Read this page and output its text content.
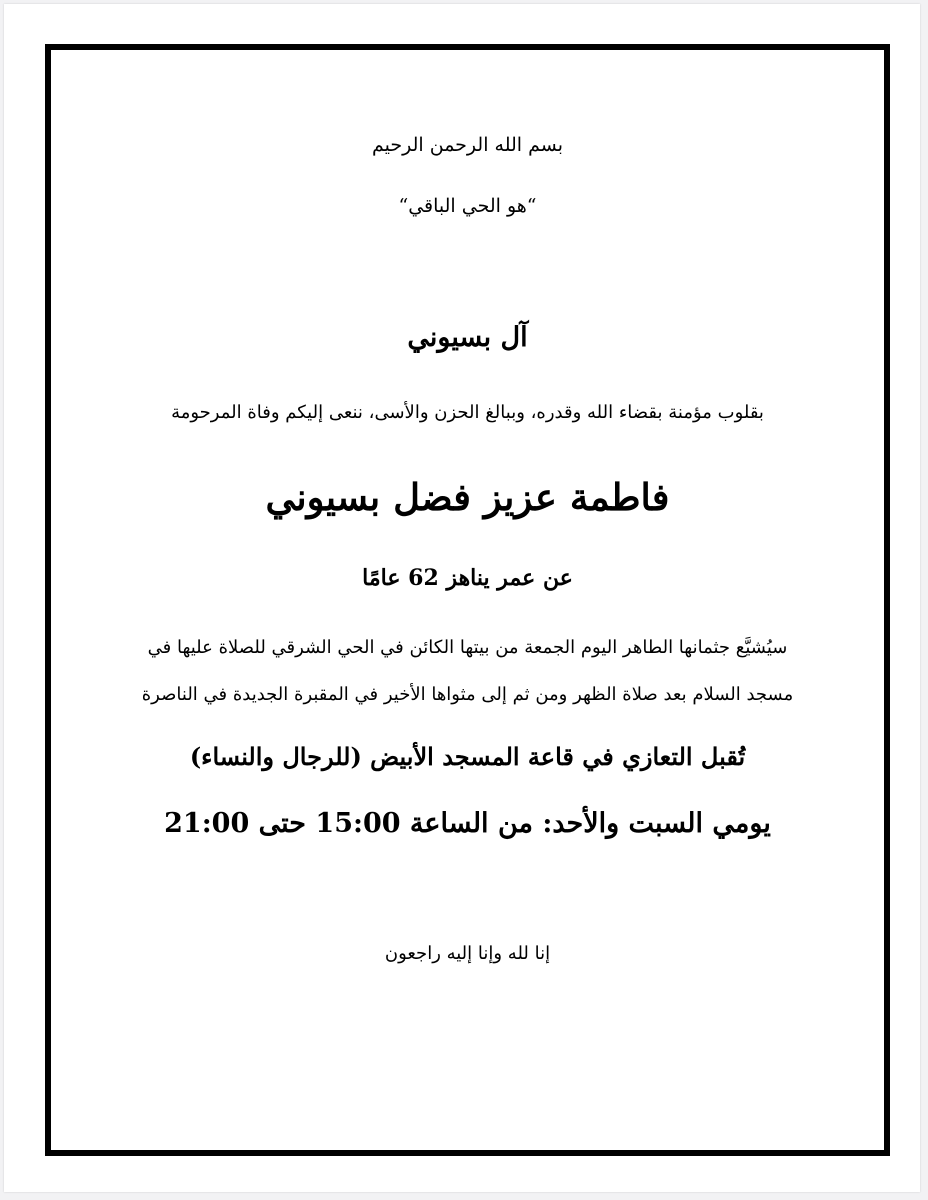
بسم الله الرحمن الرحيم

“هو الحي الباقي“

آل بسيوني

بقلوب مؤمنة بقضاء الله وقدره، وببالغ الحزن والأسى، ننعى إليكم وفاة المرحومة

فاطمة عزيز فضل بسيوني

عن عمر يناهز 62 عامًا

سيُشيَّع جثمانها الطاهر اليوم الجمعة من بيتها الكائن في الحي الشرقي للصلاة عليها في
مسجد السلام بعد صلاة الظهر ومن ثم إلى مثواها الأخير في المقبرة الجديدة في الناصرة

تُقبل التعازي في قاعة المسجد الأبيض (للرجال والنساء)

يومي السبت والأحد: من الساعة 15:00 حتى 21:00

إنا لله وإنا إليه راجعون
